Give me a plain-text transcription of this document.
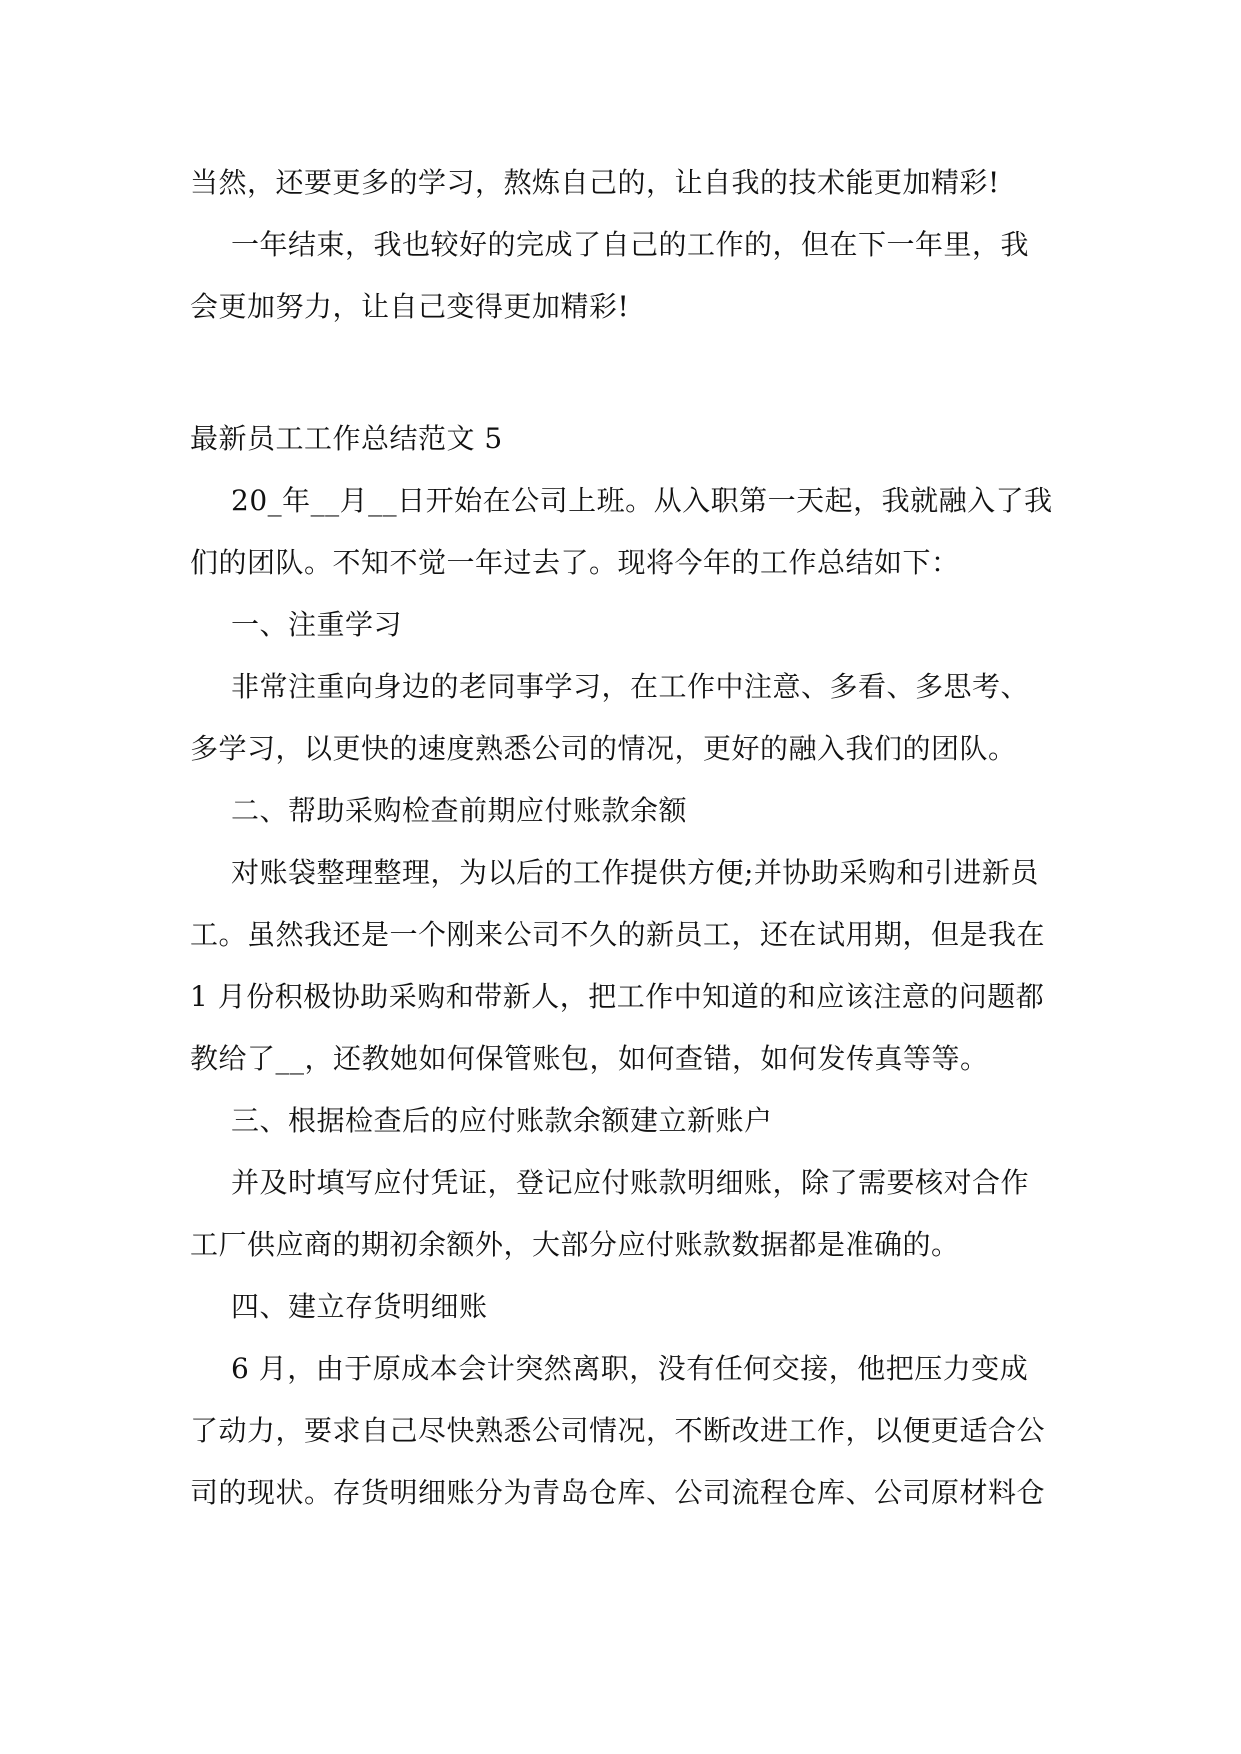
当然，还要更多的学习，熬炼自己的，让自我的技术能更加精彩!
一年结束，我也较好的完成了自己的工作的，但在下一年里，我
会更加努力，让自己变得更加精彩!
最新员工工作总结范文 5
20_年__月__日开始在公司上班。从入职第一天起，我就融入了我
们的团队。不知不觉一年过去了。现将今年的工作总结如下：
一、注重学习
非常注重向身边的老同事学习，在工作中注意、多看、多思考、
多学习，以更快的速度熟悉公司的情况，更好的融入我们的团队。
二、帮助采购检查前期应付账款余额
对账袋整理整理，为以后的工作提供方便;并协助采购和引进新员
工。虽然我还是一个刚来公司不久的新员工，还在试用期，但是我在
1 月份积极协助采购和带新人，把工作中知道的和应该注意的问题都
教给了__，还教她如何保管账包，如何查错，如何发传真等等。
三、根据检查后的应付账款余额建立新账户
并及时填写应付凭证，登记应付账款明细账，除了需要核对合作
工厂供应商的期初余额外，大部分应付账款数据都是准确的。
四、建立存货明细账
6 月，由于原成本会计突然离职，没有任何交接，他把压力变成
了动力，要求自己尽快熟悉公司情况，不断改进工作，以便更适合公
司的现状。存货明细账分为青岛仓库、公司流程仓库、公司原材料仓
